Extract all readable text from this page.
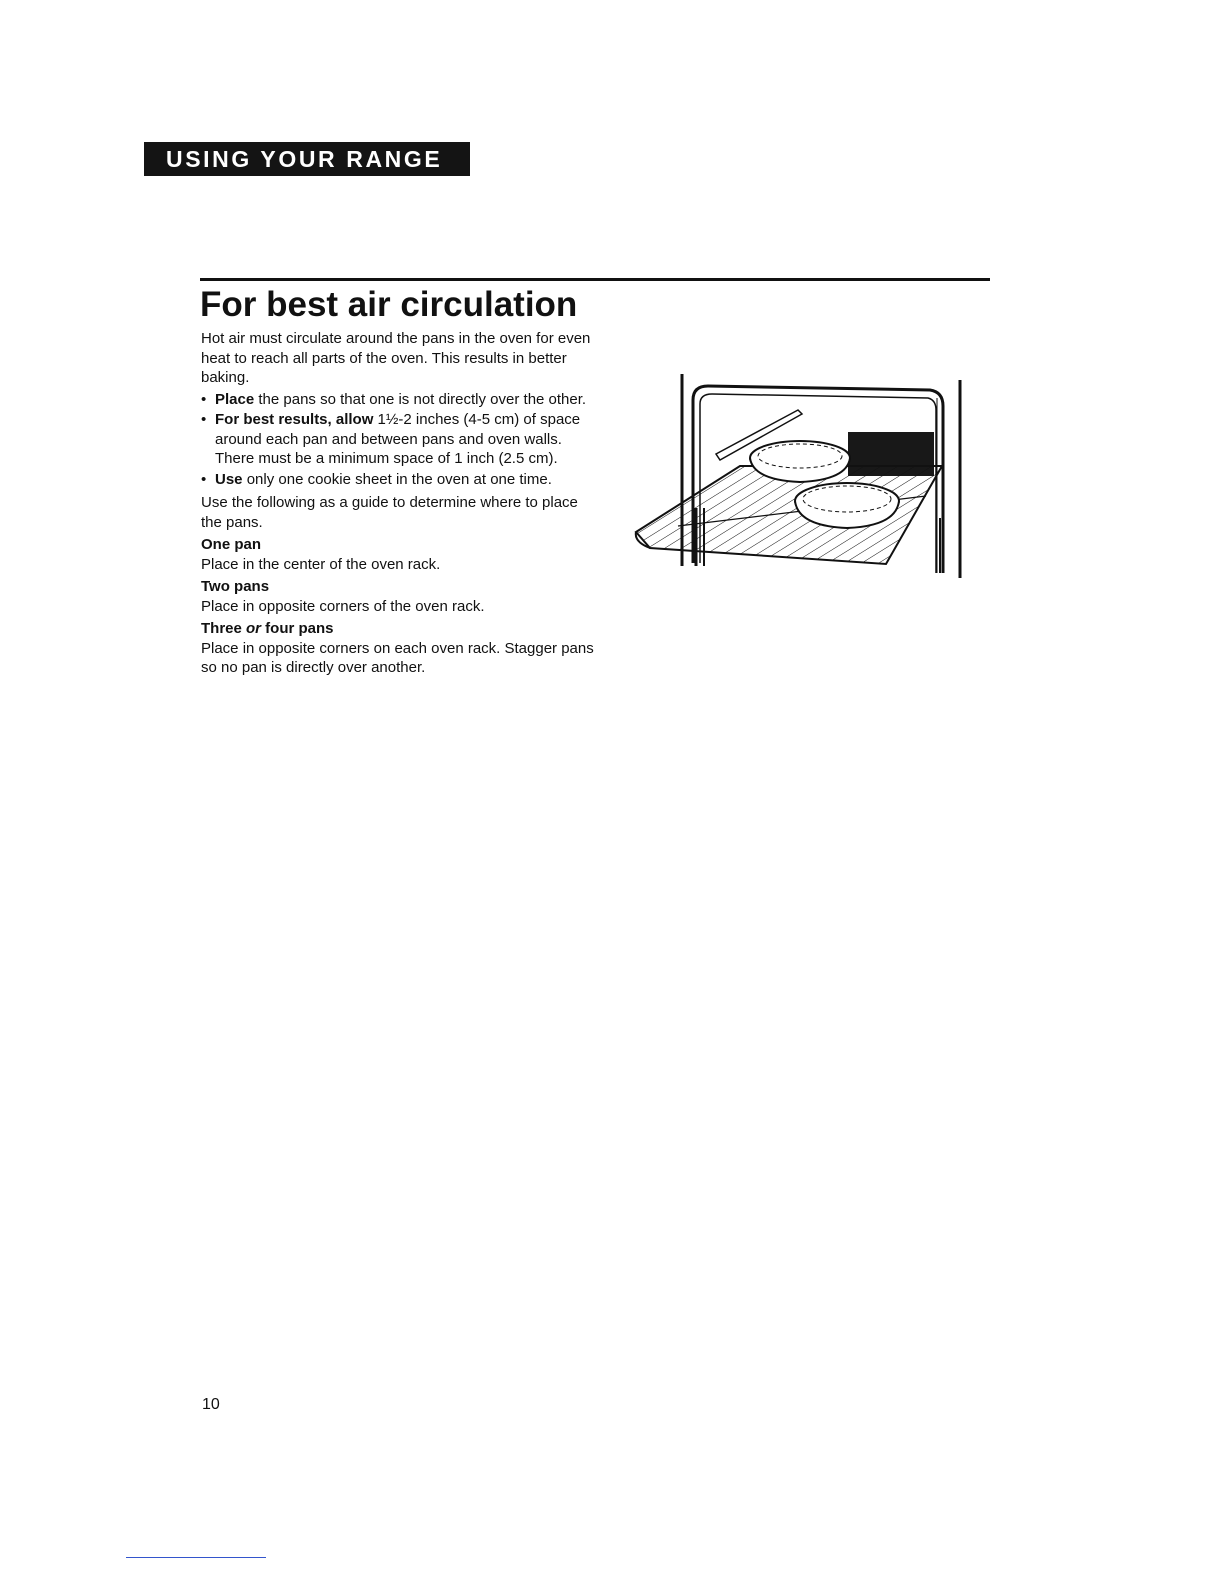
USING YOUR RANGE
For best air circulation

Hot air must circulate around the pans in the oven for even heat to reach all parts of the oven. This results in better baking.

• Place the pans so that one is not directly over the other.
• For best results, allow 1½-2 inches (4-5 cm) of space around each pan and between pans and oven walls. There must be a minimum space of 1 inch (2.5 cm).
• Use only one cookie sheet in the oven at one time.

Use the following as a guide to determine where to place the pans.

One pan

Place in the center of the oven rack.

Two pans

Place in opposite corners of the oven rack.

Three or four pans

Place in opposite corners on each oven rack. Stagger pans so no pan is directly over another.

10
